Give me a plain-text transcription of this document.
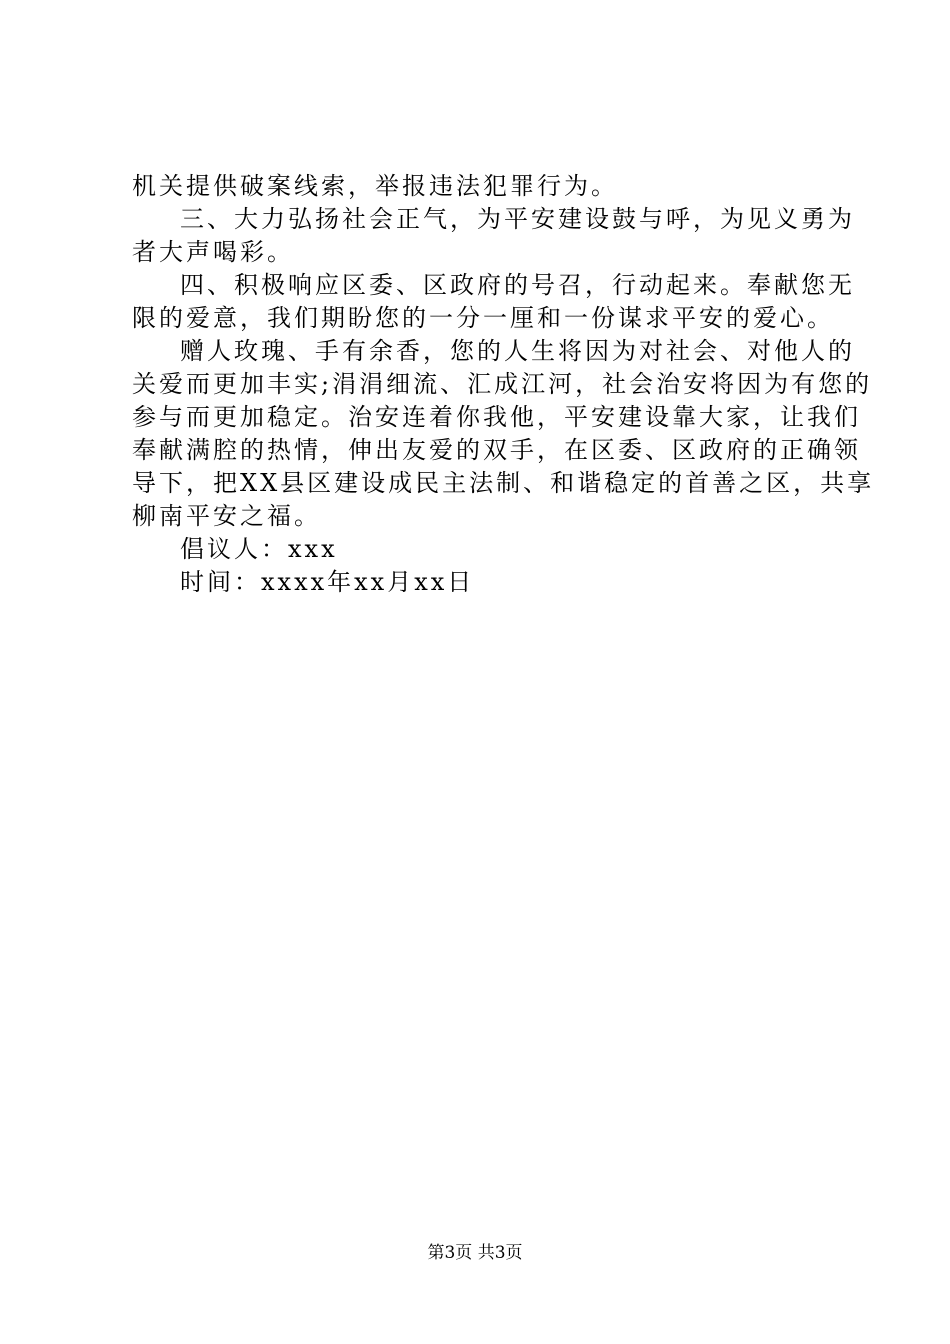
机关提供破案线索，举报违法犯罪行为。
三、大力弘扬社会正气，为平安建设鼓与呼，为见义勇为
者大声喝彩。
四、积极响应区委、区政府的号召，行动起来。奉献您无
限的爱意，我们期盼您的一分一厘和一份谋求平安的爱心。
赠人玫瑰、手有余香，您的人生将因为对社会、对他人的
关爱而更加丰实;涓涓细流、汇成江河，社会治安将因为有您的
参与而更加稳定。治安连着你我他，平安建设靠大家，让我们
奉献满腔的热情，伸出友爱的双手，在区委、区政府的正确领
导下，把XX县区建设成民主法制、和谐稳定的首善之区，共享
柳南平安之福。
倡议人：xxx
时间：xxxx年xx月xx日
第3页 共3页
